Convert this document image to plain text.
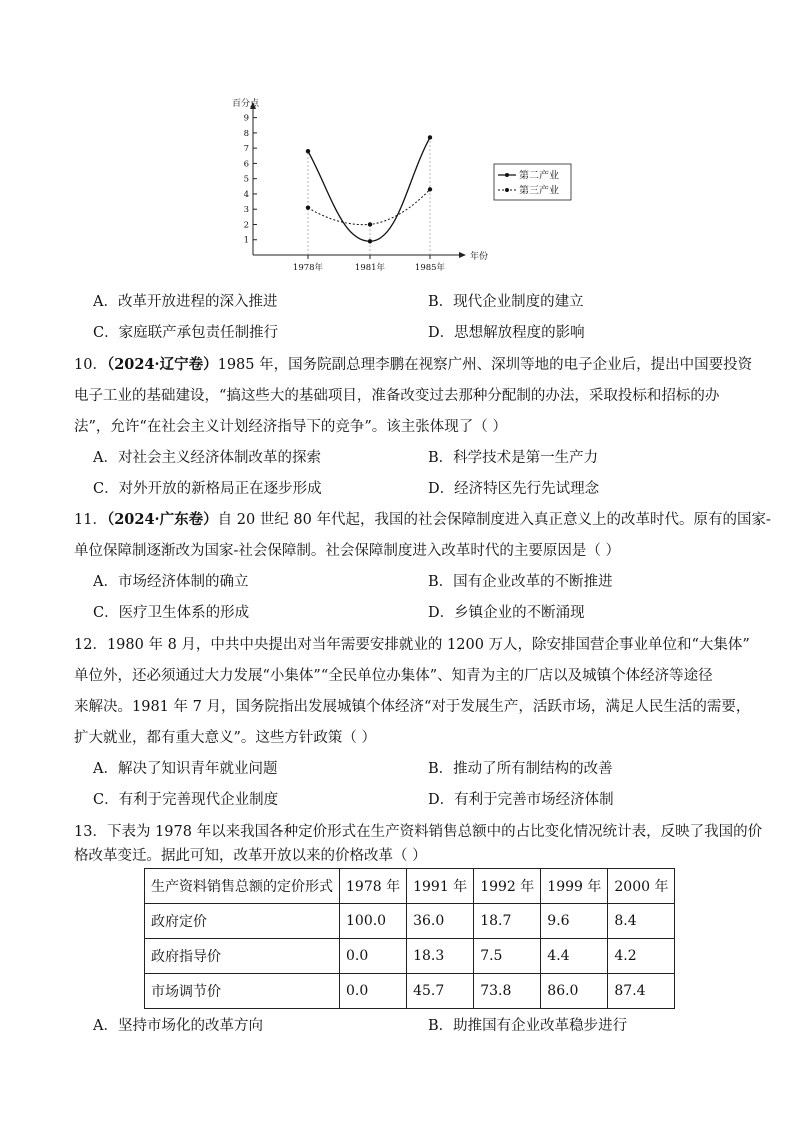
百分点
年份
1
2
3
4
5
6
7
8
9
1978年	1981年	1985年
第二产业
第三产业
A．改革开放进程的深入推进	B．现代企业制度的建立
C．家庭联产承包责任制推行	D．思想解放程度的影响
10．（2024·辽宁卷）1985 年，国务院副总理李鹏在视察广州、深圳等地的电子企业后，提出中国要投资
电子工业的基础建设，“搞这些大的基础项目，准备改变过去那种分配制的办法，采取投标和招标的办
法”，允许“在社会主义计划经济指导下的竞争”。该主张体现了（ ）
A．对社会主义经济体制改革的探索	B．科学技术是第一生产力
C．对外开放的新格局正在逐步形成	D．经济特区先行先试理念
11．（2024·广东卷）自 20 世纪 80 年代起，我国的社会保障制度进入真正意义上的改革时代。原有的国家-
单位保障制逐渐改为国家-社会保障制。社会保障制度进入改革时代的主要原因是（ ）
A．市场经济体制的确立	B．国有企业改革的不断推进
C．医疗卫生体系的形成	D．乡镇企业的不断涌现
12．1980 年 8 月，中共中央提出对当年需要安排就业的 1200 万人，除安排国营企事业单位和“大集体”
单位外，还必须通过大力发展“小集体”“全民单位办集体”、知青为主的厂店以及城镇个体经济等途径
来解决。1981 年 7 月，国务院指出发展城镇个体经济“对于发展生产，活跃市场，满足人民生活的需要，
扩大就业，都有重大意义”。这些方针政策（ ）
A．解决了知识青年就业问题	B．推动了所有制结构的改善
C．有利于完善现代企业制度	D．有利于完善市场经济体制
13．下表为 1978 年以来我国各种定价形式在生产资料销售总额中的占比变化情况统计表，反映了我国的价
格改革变迁。据此可知，改革开放以来的价格改革（ ）
生产资料销售总额的定价形式	1978 年	1991 年	1992 年	1999 年	2000 年
政府定价	100.0	36.0	18.7	9.6	8.4
政府指导价	0.0	18.3	7.5	4.4	4.2
市场调节价	0.0	45.7	73.8	86.0	87.4
A．坚持市场化的改革方向	B．助推国有企业改革稳步进行
